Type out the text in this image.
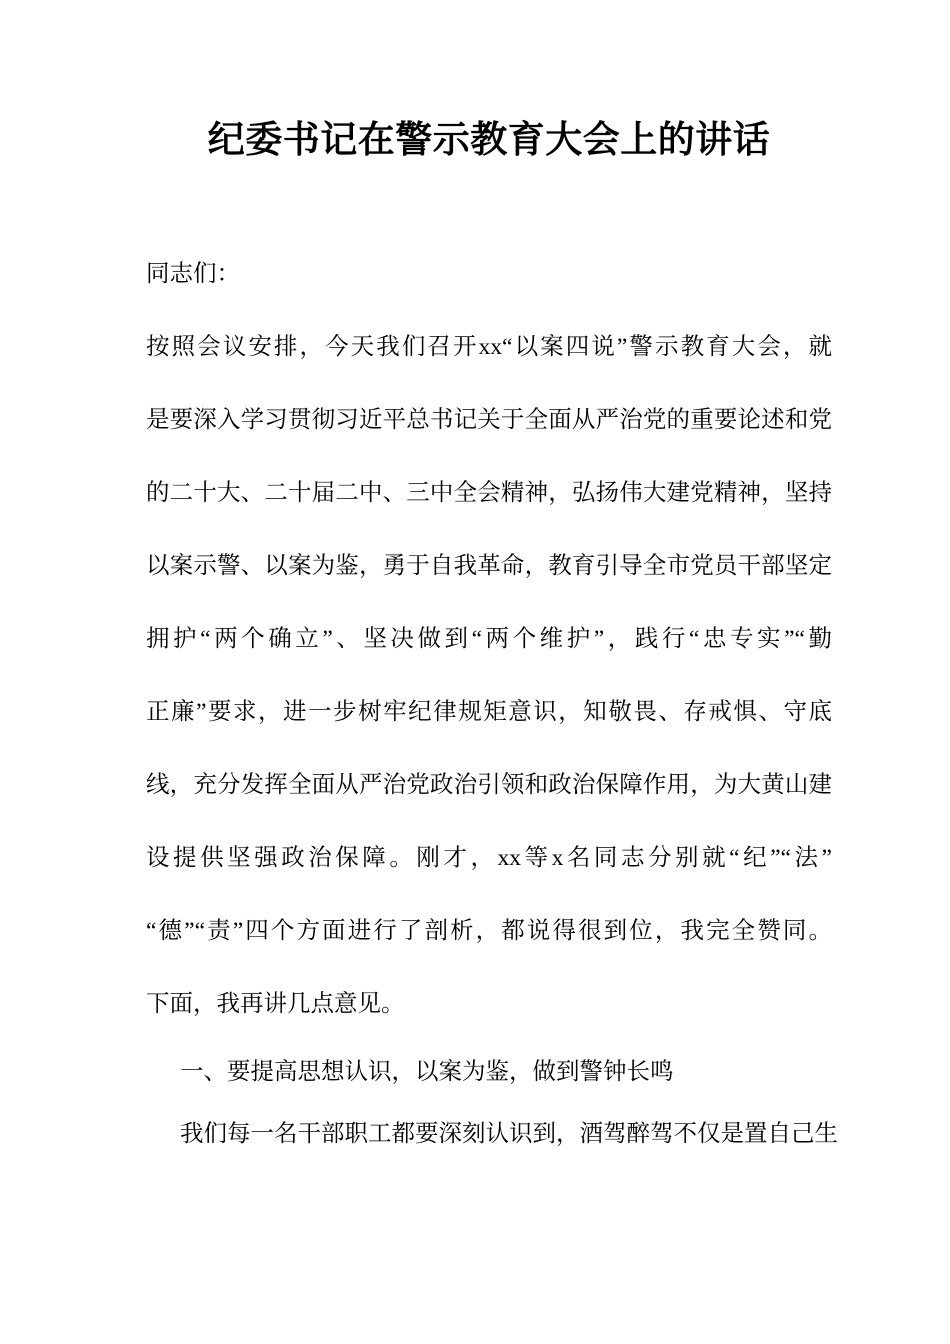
纪委书记在警示教育大会上的讲话

同志们：

按照会议安排，今天我们召开xx“以案四说”警示教育大会，就
是要深入学习贯彻习近平总书记关于全面从严治党的重要论述和党
的二十大、二十届二中、三中全会精神，弘扬伟大建党精神，坚持
以案示警、以案为鉴，勇于自我革命，教育引导全市党员干部坚定
拥护“两个确立”、坚决做到“两个维护”，践行“忠专实”“勤
正廉”要求，进一步树牢纪律规矩意识，知敬畏、存戒惧、守底
线，充分发挥全面从严治党政治引领和政治保障作用，为大黄山建
设提供坚强政治保障。刚才，xx等x名同志分别就“纪”“法”
“德”“责”四个方面进行了剖析，都说得很到位，我完全赞同。
下面，我再讲几点意见。
一、要提高思想认识，以案为鉴，做到警钟长鸣

我们每一名干部职工都要深刻认识到，酒驾醉驾不仅是置自己生
